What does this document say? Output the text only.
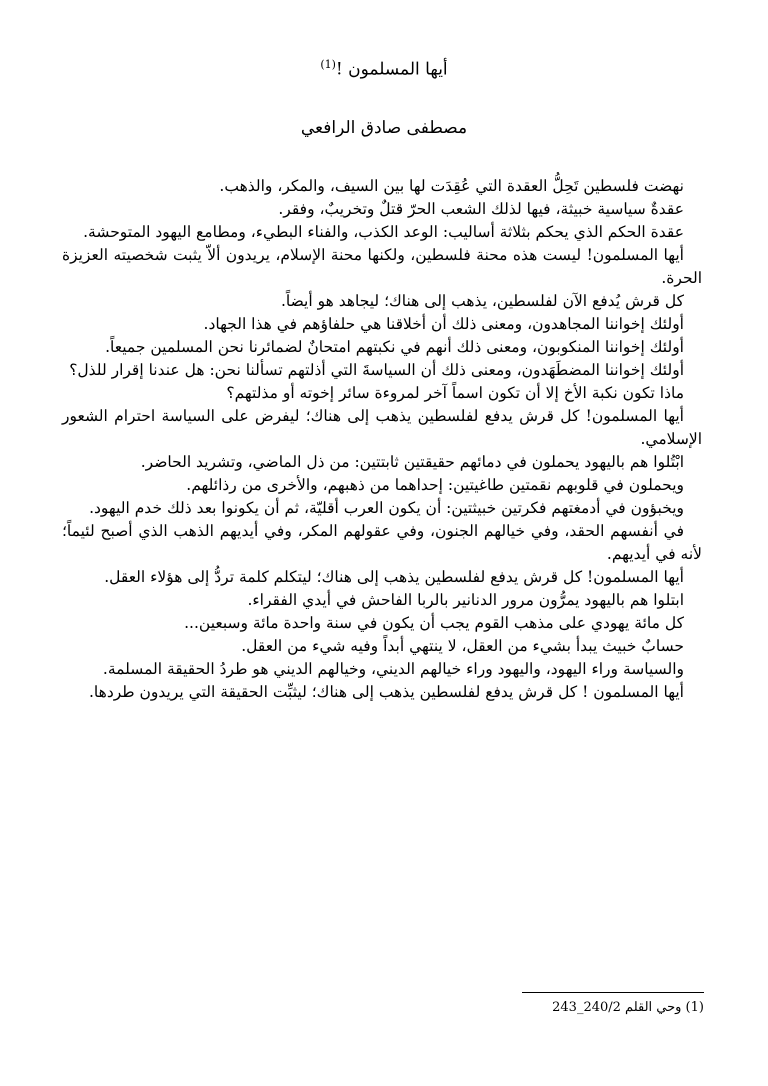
أيها المسلمون !$^{(1)}$
مصطفى صادق الرافعي

نهضت فلسطين تَحِلُّ العقدة التي عُقِدَت لها بين السيف، والمكر، والذهب.

عقدةٌ سياسية خبيثة، فيها لذلك الشعب الحرّ قتلٌ وتخريبٌ، وفقر.

عقدة الحكم الذي يحكم بثلاثة أساليب: الوعد الكذب، والفناء البطيء، ومطامع اليهود المتوحشة.

أيها المسلمون! ليست هذه محنة فلسطين، ولكنها محنة الإسلام، يريدون ألاّ يثبت شخصيته العزيزة الحرة.

كل قرش يُدفع الآن لفلسطين، يذهب إلى هناك؛ ليجاهد هو أيضاً.

أولئك إخواننا المجاهدون، ومعنى ذلك أن أخلاقنا هي حلفاؤهم في هذا الجهاد.

أولئك إخواننا المنكوبون، ومعنى ذلك أنهم في نكبتهم امتحانٌ لضمائرنا نحن المسلمين جميعاً.

أولئك إخواننا المضطَهَدون، ومعنى ذلك أن السياسةَ التي أذلتهم تسألنا نحن: هل عندنا إقرار للذل؟

ماذا تكون نكبة الأخ إلا أن تكون اسماً آخر لمروءة سائر إخوته أو مذلتهم؟

أيها المسلمون! كل قرش يدفع لفلسطين يذهب إلى هناك؛ ليفرض على السياسة احترام الشعور الإسلامي.

ابْتُلوا هم باليهود يحملون في دمائهم حقيقتين ثابتتين: من ذل الماضي، وتشريد الحاضر.

ويحملون في قلوبهم نقمتين طاغيتين: إحداهما من ذهبهم، والأخرى من رذائلهم.

ويخبؤون في أدمغتهم فكرتين خبيثتين: أن يكون العرب أقليّة، ثم أن يكونوا بعد ذلك خدم اليهود.

في أنفسهم الحقد، وفي خيالهم الجنون، وفي عقولهم المكر، وفي أيديهم الذهب الذي أصبح لئيماً؛ لأنه في أيديهم.

أيها المسلمون! كل قرش يدفع لفلسطين يذهب إلى هناك؛ ليتكلم كلمة تردُّ إلى هؤلاء العقل.

ابتلوا هم باليهود يمرُّون مرور الدنانير بالربا الفاحش في أيدي الفقراء.

كل مائة يهودي على مذهب القوم يجب أن يكون في سنة واحدة مائة وسبعين...

حسابٌ خبيث يبدأ بشيء من العقل، لا ينتهي أبداً وفيه شيء من العقل.

والسياسة وراء اليهود، واليهود وراء خيالهم الديني، وخيالهم الديني هو طردُ الحقيقة المسلمة.

أيها المسلمون ! كل قرش يدفع لفلسطين يذهب إلى هناك؛ ليثبِّت الحقيقة التي يريدون طردها.

(1) وحي القلم 240/2_243
